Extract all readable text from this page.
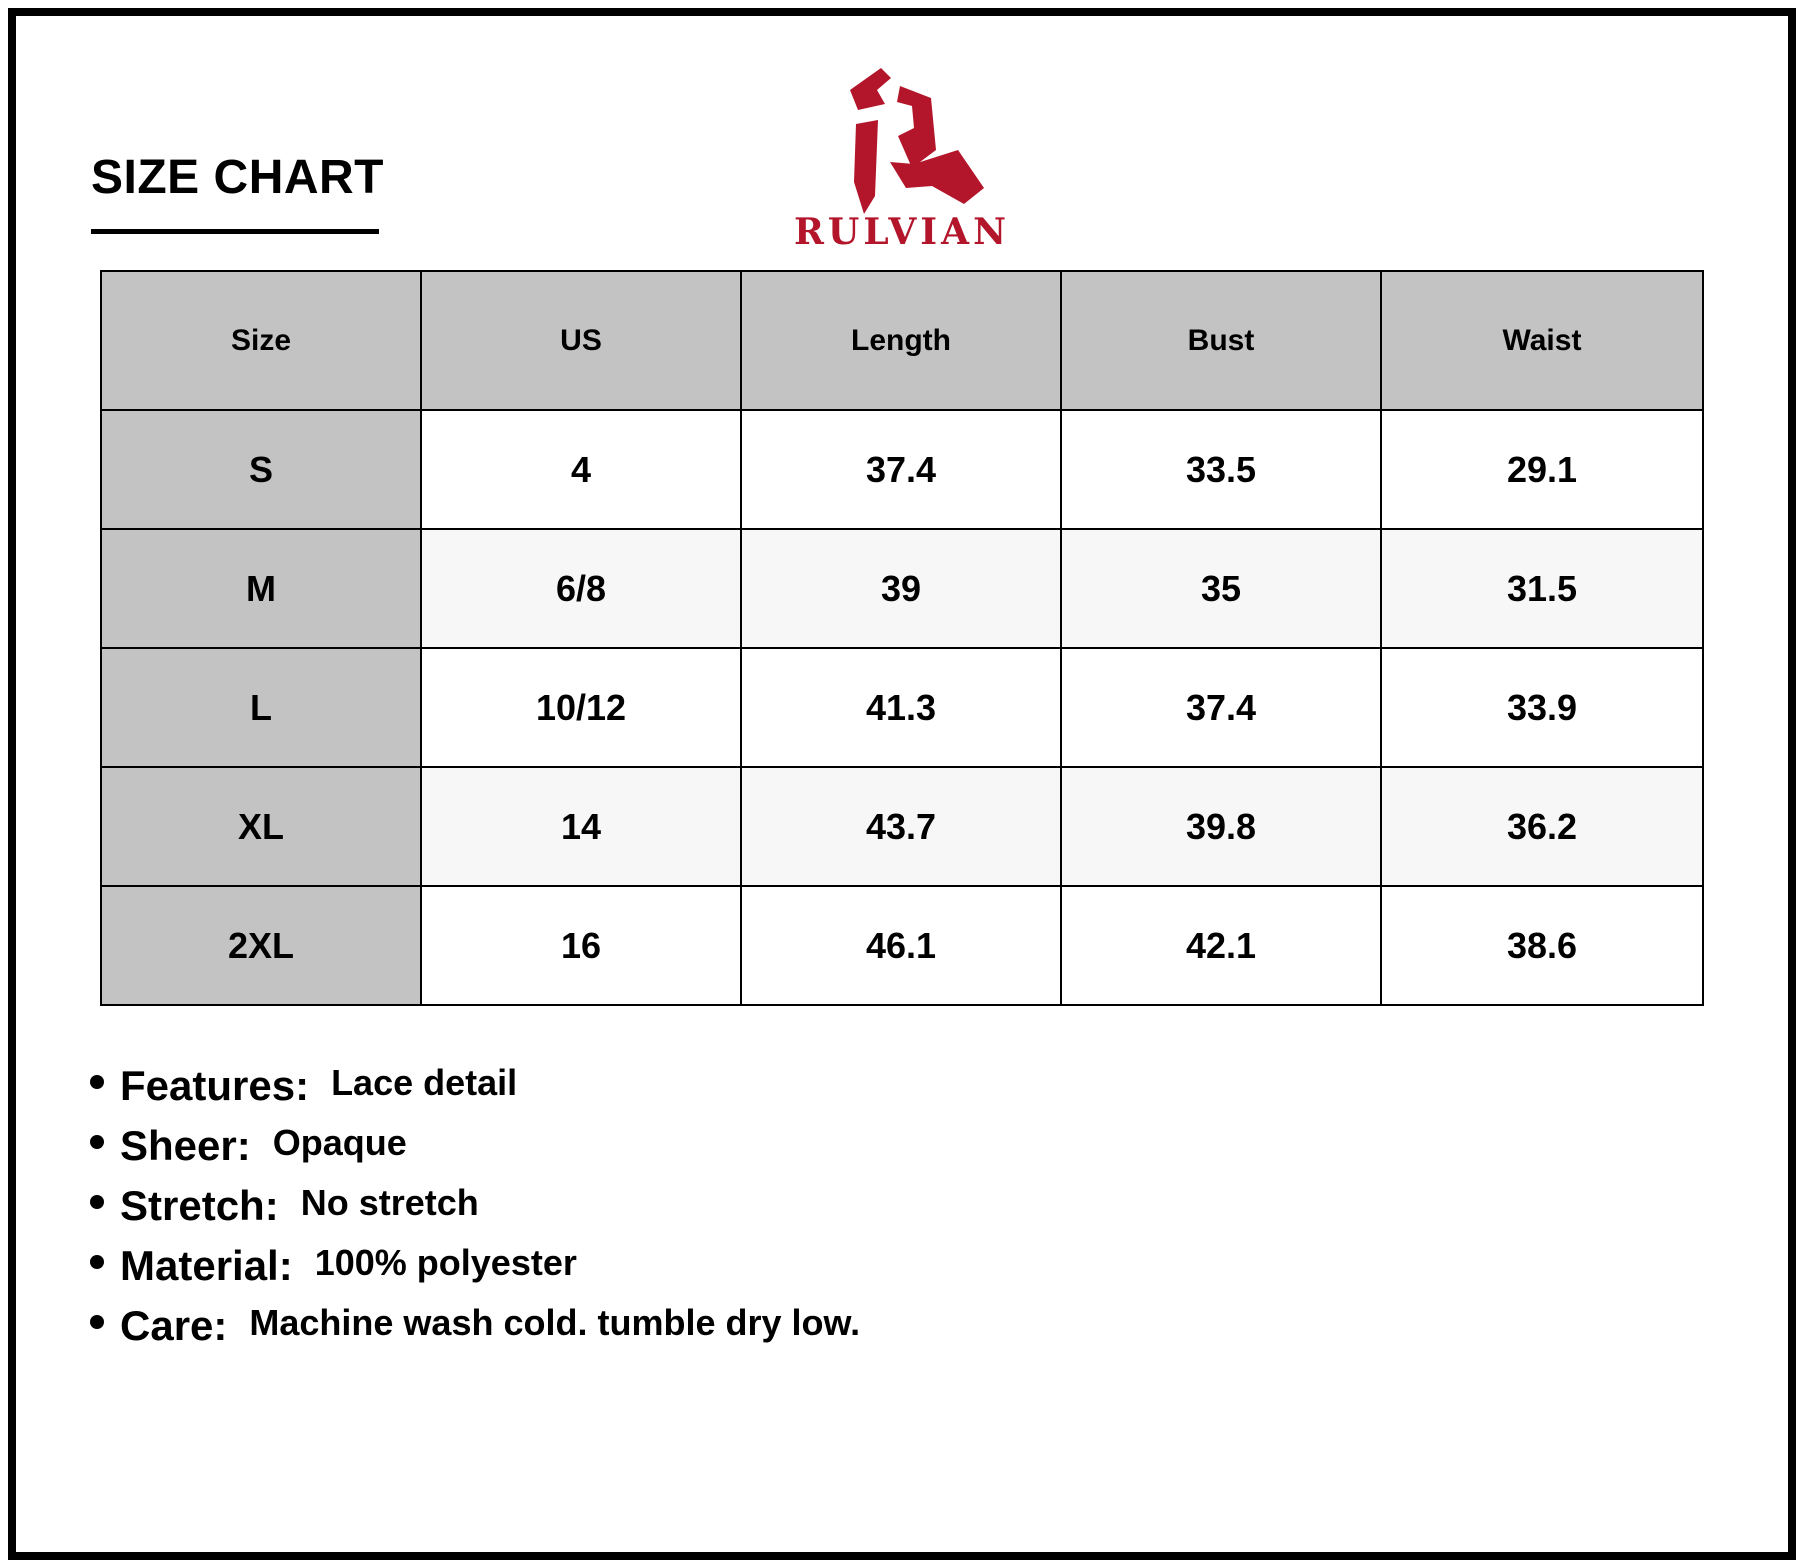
SIZE CHART
RULVIAN
Size	US	Length	Bust	Waist
S	4	37.4	33.5	29.1
M	6/8	39	35	31.5
L	10/12	41.3	37.4	33.9
XL	14	43.7	39.8	36.2
2XL	16	46.1	42.1	38.6
Features: Lace detail
Sheer: Opaque
Stretch: No stretch
Material: 100% polyester
Care: Machine wash cold. tumble dry low.
